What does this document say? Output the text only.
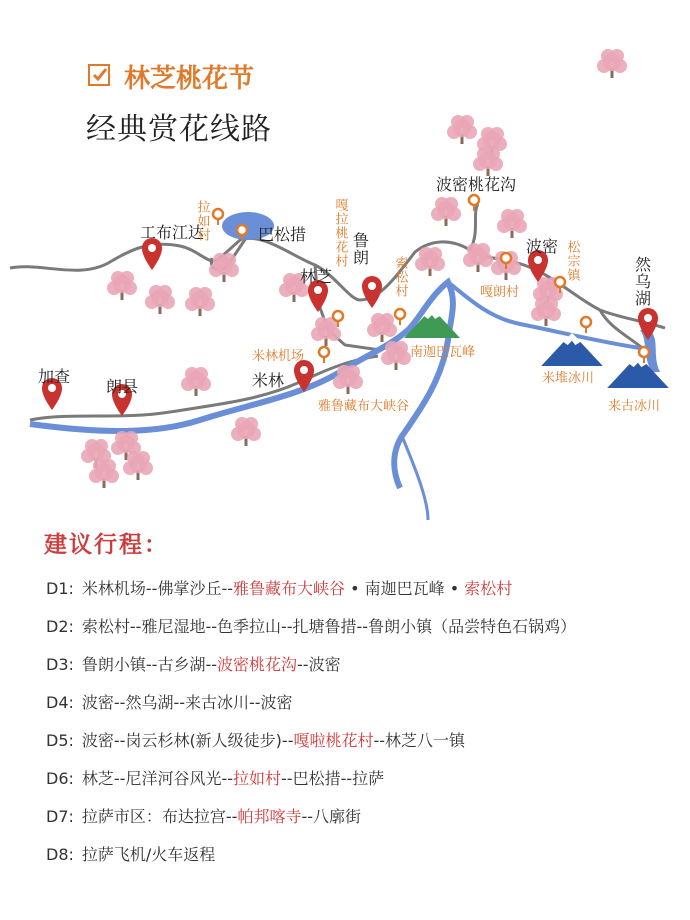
林芝桃花节
经典赏花线路
工布江达	巴松措
拉如村
林芝
嘎拉桃花村 鲁朗
索松村
南迦巴瓦峰
米林机场
米林
雅鲁藏布大峡谷
加查
朗县
波密桃花沟
波密
嘎朗村
松宗镇	然乌湖
米堆冰川
来古冰川
建议行程：
D1: 米林机场--佛掌沙丘--雅鲁藏布大峡谷 • 南迦巴瓦峰 • 索松村
D2: 索松村--雅尼湿地--色季拉山--扎塘鲁措--鲁朗小镇（品尝特色石锅鸡）
D3: 鲁朗小镇--古乡湖--波密桃花沟--波密
D4: 波密--然乌湖--来古冰川--波密
D5: 波密--岗云杉林(新人级徒步)--嘎啦桃花村--林芝八一镇
D6: 林芝--尼洋河谷风光--拉如村--巴松措--拉萨
D7: 拉萨市区：布达拉宫--帕邦喀寺--八廓街
D8: 拉萨飞机/火车返程
